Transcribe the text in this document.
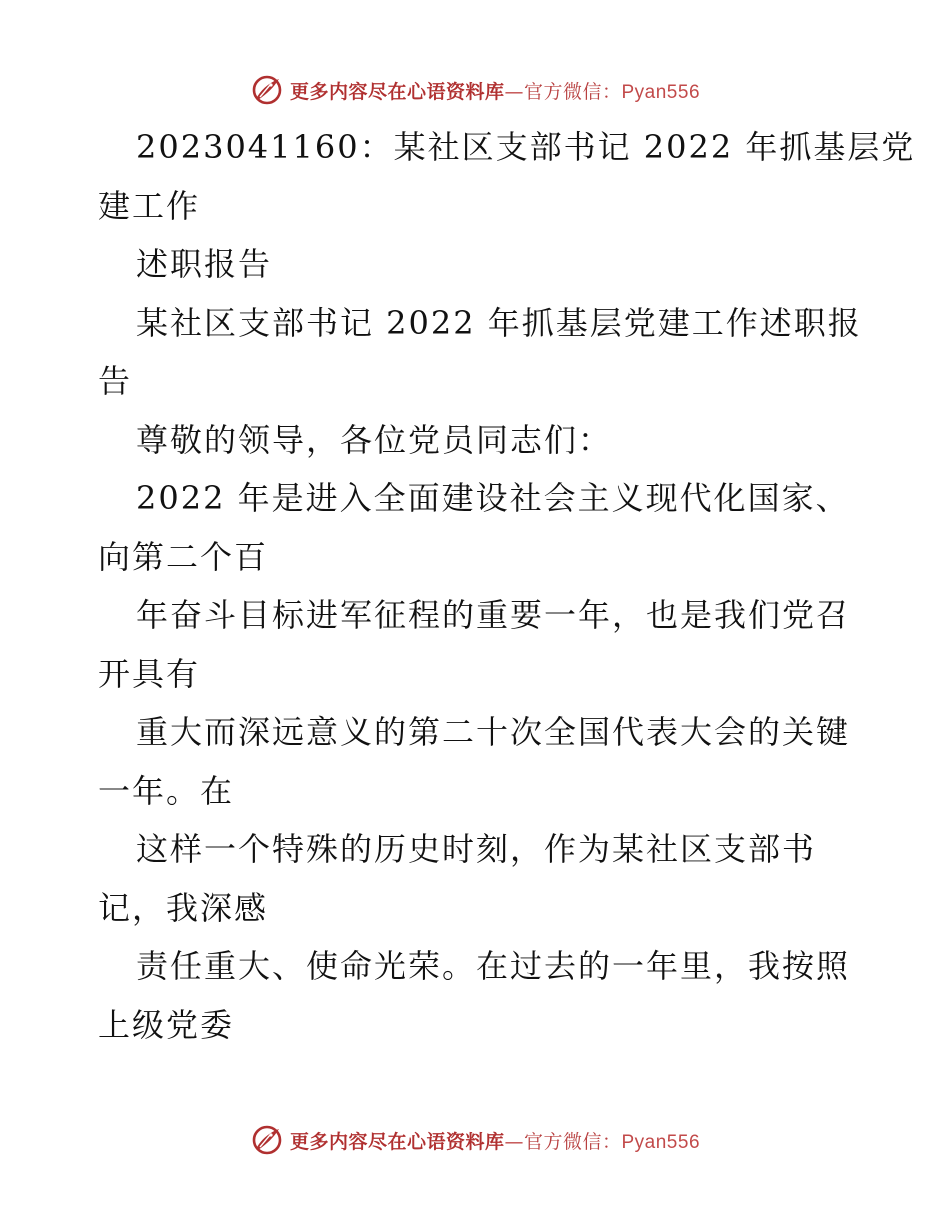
更多内容尽在心语资料库—官方微信：Pyan556
2023041160：某社区支部书记 2022 年抓基层党
建工作
述职报告
某社区支部书记 2022 年抓基层党建工作述职报
告
尊敬的领导，各位党员同志们：
2022 年是进入全面建设社会主义现代化国家、
向第二个百
年奋斗目标进军征程的重要一年，也是我们党召
开具有
重大而深远意义的第二十次全国代表大会的关键
一年。在
这样一个特殊的历史时刻，作为某社区支部书
记，我深感
责任重大、使命光荣。在过去的一年里，我按照
上级党委
更多内容尽在心语资料库—官方微信：Pyan556
